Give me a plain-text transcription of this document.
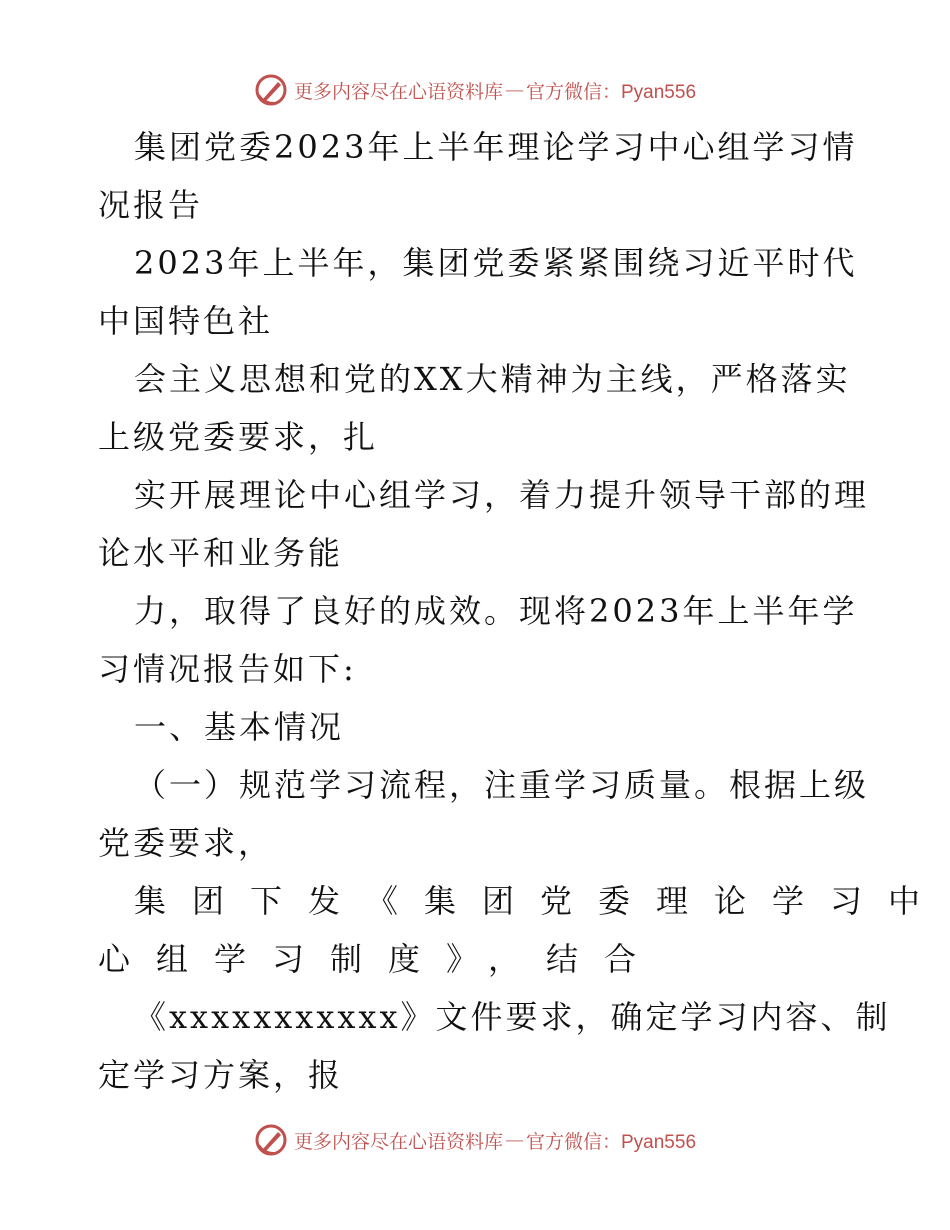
更多内容尽在心语资料库 — 官方微信：Pyan556

集团党委2023年上半年理论学习中心组学习情
况报告

2023年上半年，集团党委紧紧围绕习近平时代
中国特色社

会主义思想和党的XX大精神为主线，严格落实
上级党委要求，扎

实开展理论中心组学习，着力提升领导干部的理
论水平和业务能

力，取得了良好的成效。现将2023年上半年学
习情况报告如下:

一、基本情况

（一）规范学习流程，注重学习质量。根据上级
党委要求，

集团下发《集团党委理论学习中
心组学习制度》，结合

《xxxxxxxxxxx》文件要求，确定学习内容、制
定学习方案，报

更多内容尽在心语资料库 — 官方微信：Pyan556
